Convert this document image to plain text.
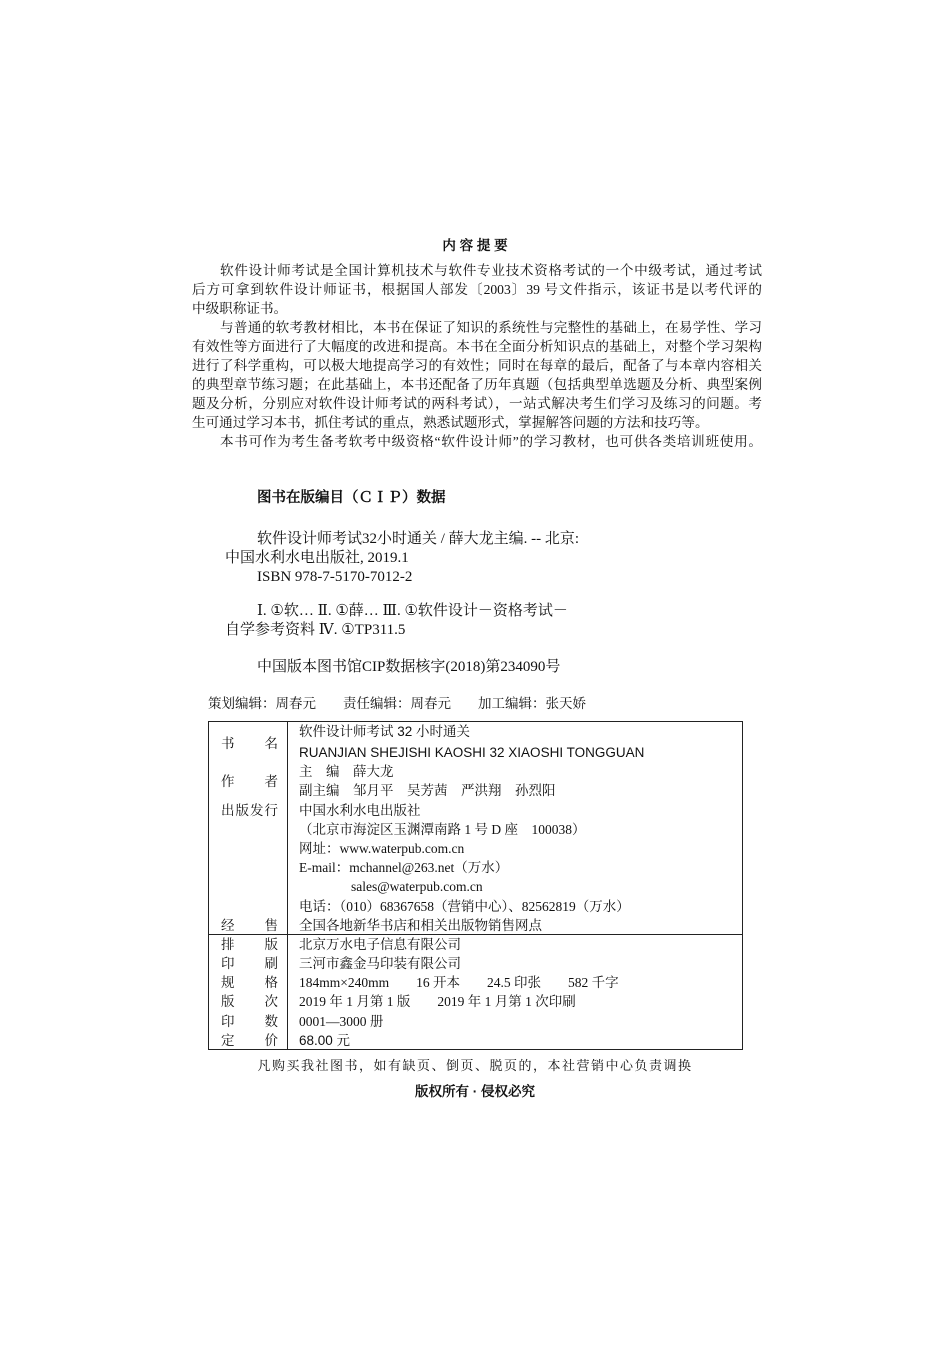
内 容 提 要
软件设计师考试是全国计算机技术与软件专业技术资格考试的一个中级考试，通过考试
后方可拿到软件设计师证书，根据国人部发〔2003〕39 号文件指示，该证书是以考代评的
中级职称证书。
与普通的软考教材相比，本书在保证了知识的系统性与完整性的基础上，在易学性、学习
有效性等方面进行了大幅度的改进和提高。本书在全面分析知识点的基础上，对整个学习架构
进行了科学重构，可以极大地提高学习的有效性；同时在每章的最后，配备了与本章内容相关
的典型章节练习题；在此基础上，本书还配备了历年真题（包括典型单选题及分析、典型案例
题及分析，分别应对软件设计师考试的两科考试），一站式解决考生们学习及练习的问题。考
生可通过学习本书，抓住考试的重点，熟悉试题形式，掌握解答问题的方法和技巧等。
本书可作为考生备考软考中级资格“软件设计师”的学习教材，也可供各类培训班使用。
图书在版编目（ＣＩＰ）数据
软件设计师考试32小时通关 / 薛大龙主编. -- 北京:
中国水利水电出版社, 2019.1
ISBN 978-7-5170-7012-2
Ⅰ. ①软… Ⅱ. ①薛… Ⅲ. ①软件设计－资格考试－
自学参考资料 Ⅳ. ①TP311.5
中国版本图书馆CIP数据核字(2018)第234090号
策划编辑：周春元　　责任编辑：周春元　　加工编辑：张天娇
书名
作者
出版发行
经售
排版
印刷
规格
版次
印数
定价
软件设计师考试 32 小时通关
RUANJIAN SHEJISHI KAOSHI 32 XIAOSHI TONGGUAN
主　编　薛大龙
副主编　邹月平　吴芳茜　严洪翔　孙烈阳
中国水利水电出版社
（北京市海淀区玉渊潭南路 1 号 D 座　100038）
网址：www.waterpub.com.cn
E-mail：mchannel@263.net（万水）
sales@waterpub.com.cn
电话：（010）68367658（营销中心）、82562819（万水）
全国各地新华书店和相关出版物销售网点
北京万水电子信息有限公司
三河市鑫金马印装有限公司
184mm×240mm　　16 开本　　24.5 印张　　582 千字
2019 年 1 月第 1 版　　2019 年 1 月第 1 次印刷
0001—3000 册
68.00 元
凡购买我社图书，如有缺页、倒页、脱页的，本社营销中心负责调换
版权所有 · 侵权必究
